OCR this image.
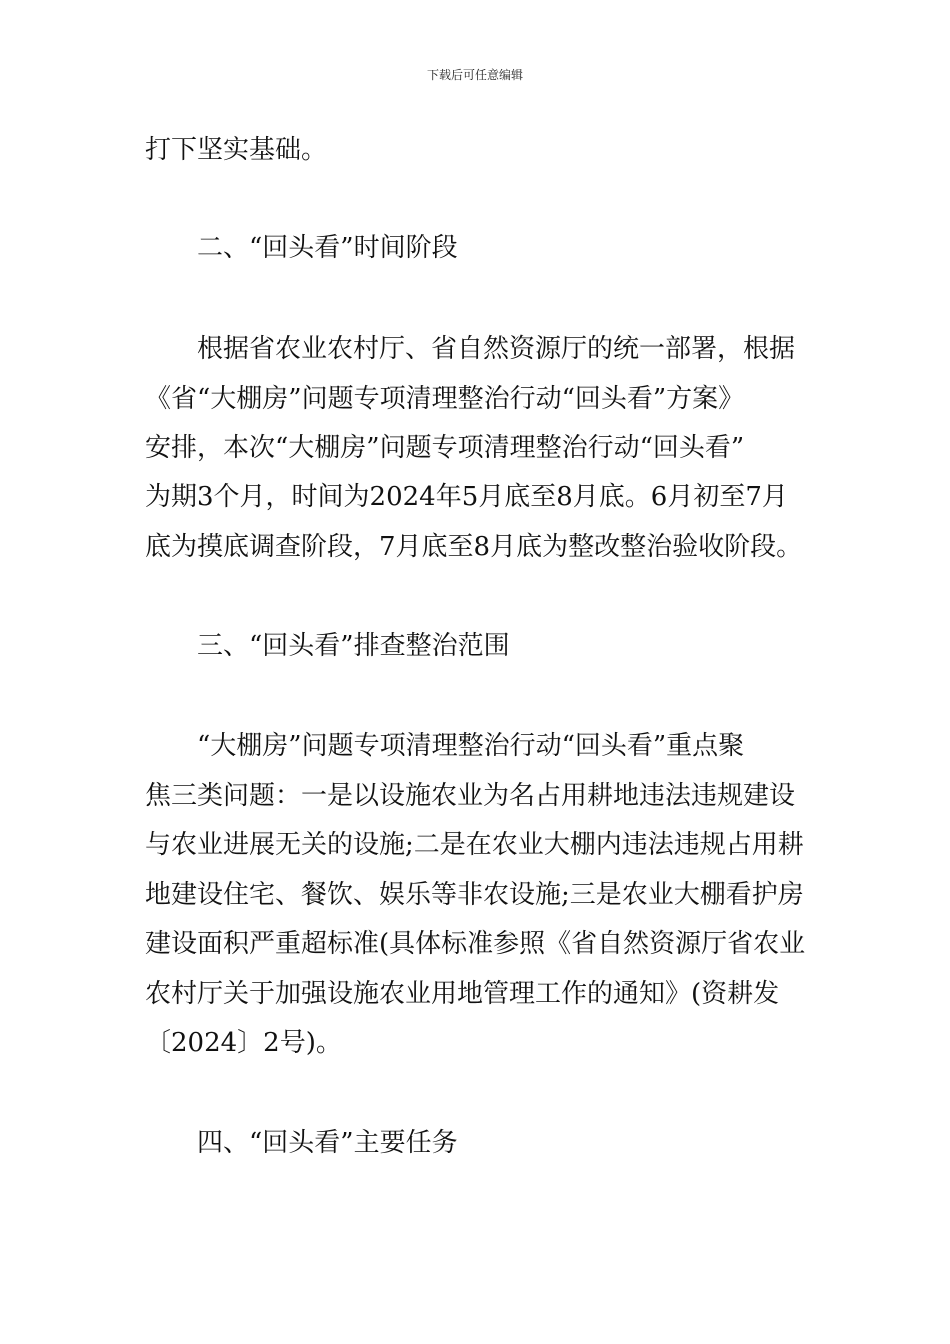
下载后可任意编辑
打下坚实基础。
二、“回头看”时间阶段
根据省农业农村厅、省自然资源厅的统一部署，根据
《省“大棚房”问题专项清理整治行动“回头看”方案》
安排，本次“大棚房”问题专项清理整治行动“回头看”
为期3个月，时间为2024年5月底至8月底。6月初至7月
底为摸底调查阶段，7月底至8月底为整改整治验收阶段。
三、“回头看”排查整治范围
“大棚房”问题专项清理整治行动“回头看”重点聚
焦三类问题：一是以设施农业为名占用耕地违法违规建设
与农业进展无关的设施;二是在农业大棚内违法违规占用耕
地建设住宅、餐饮、娱乐等非农设施;三是农业大棚看护房
建设面积严重超标准(具体标准参照《省自然资源厅省农业
农村厅关于加强设施农业用地管理工作的通知》(资耕发
〔2024〕2号)。
四、“回头看”主要任务
